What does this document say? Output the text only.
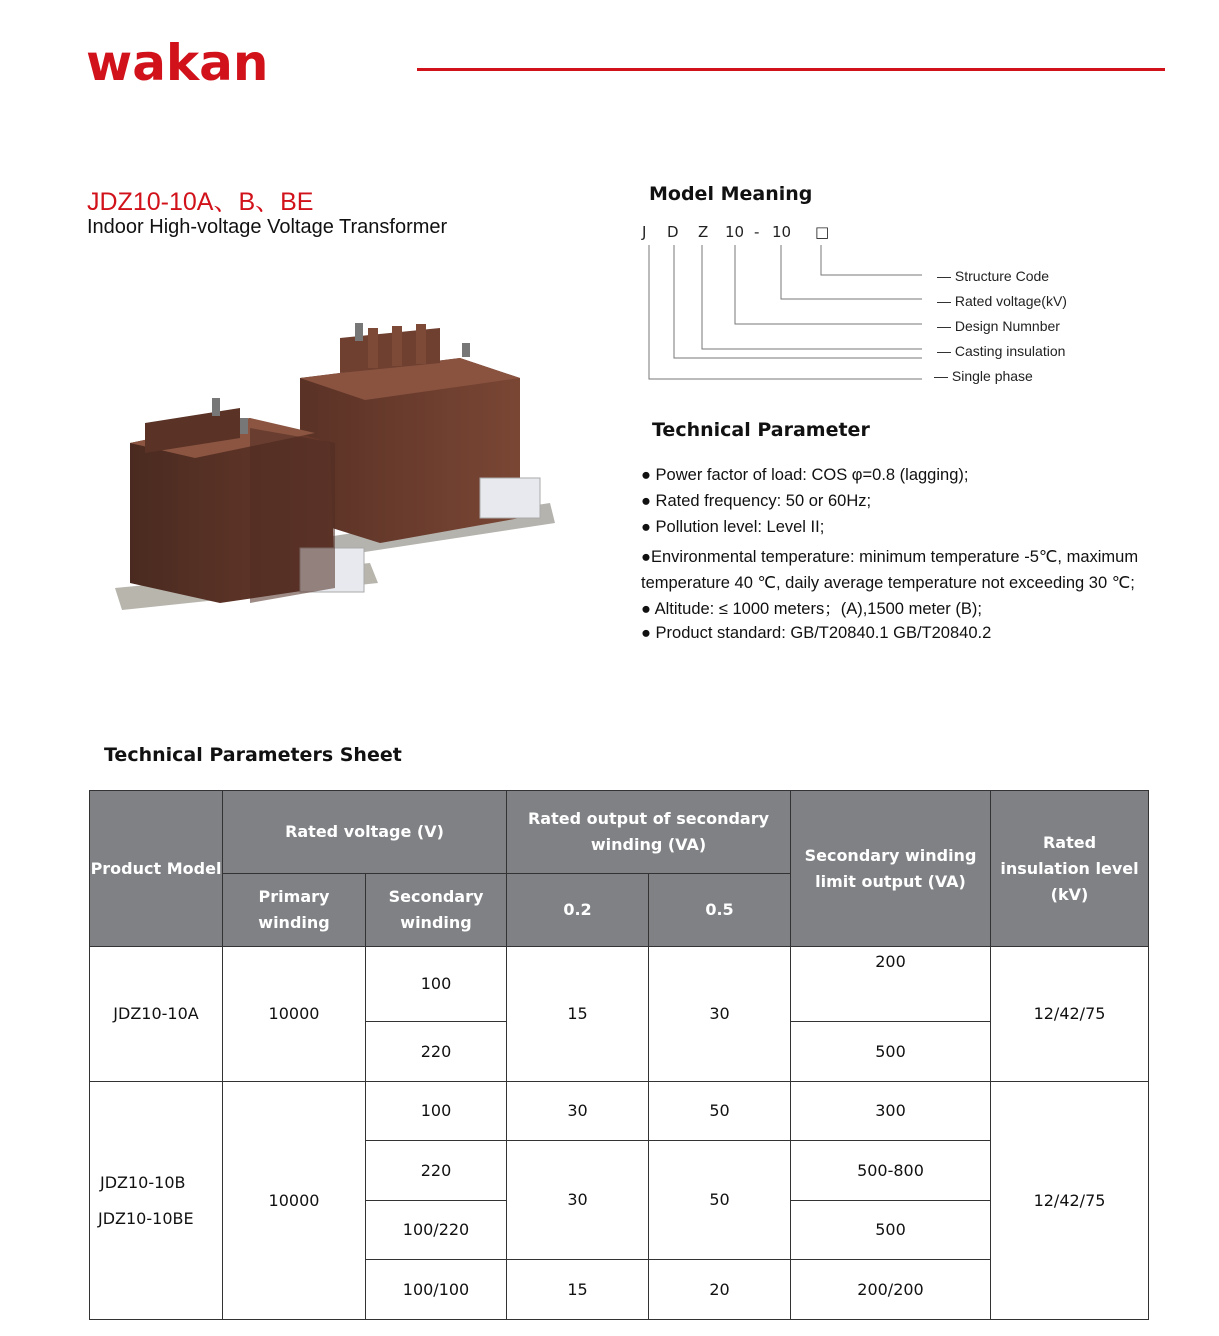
wakan
JDZ10-10A、B、BE
Indoor High-voltage Voltage Transformer
Model Meaning
J D Z 10 - 10 □
— Structure Code
— Rated voltage(kV)
— Design Numnber
— Casting insulation
— Single phase
Technical Parameter
● Power factor of load: COS φ=0.8 (lagging);
● Rated frequency: 50 or 60Hz;
● Pollution level: Level II;
●Environmental temperature: minimum temperature -5℃, maximum temperature 40 ℃, daily average temperature not exceeding 30 ℃;
● Altitude: ≤ 1000 meters；(A),1500 meter (B);
● Product standard: GB/T20840.1 GB/T20840.2
Technical Parameters Sheet
Product Model	Rated voltage (V)		Rated output of secondary winding (VA)		Secondary winding limit output (VA)	Rated insulation level (kV)
	Primary winding	Secondary winding	0.2	0.5		
JDZ10-10A	10000	100	15	30	200	12/42/75
		220			500	

JDZ10-10B
JDZ10-10BE	10000	100	30	50	300	12/42/75
		220	30	50	500-800	
		100/220			500	
		100/100	15	20	200/200	
